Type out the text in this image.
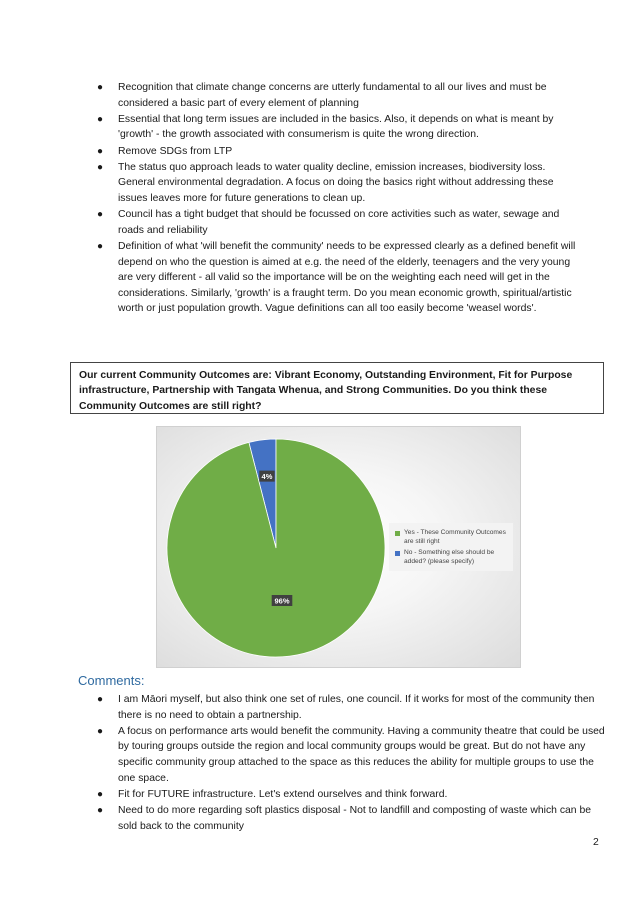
● Recognition that climate change concerns are utterly fundamental to all our lives and must be considered a basic part of every element of planning
● Essential that long term issues are included in the basics. Also, it depends on what is meant by 'growth' - the growth associated with consumerism is quite the wrong direction.
● Remove SDGs from LTP
● The status quo approach leads to water quality decline, emission increases, biodiversity loss. General environmental degradation. A focus on doing the basics right without addressing these issues leaves more for future generations to clean up.
● Council has a tight budget that should be focussed on core activities such as water, sewage and roads and reliability
● Definition of what 'will benefit the community' needs to be expressed clearly as a defined benefit will depend on who the question is aimed at e.g. the need of the elderly, teenagers and the very young are very different - all valid so the importance will be on the weighting each need will get in the considerations. Similarly, 'growth' is a fraught term. Do you mean economic growth, spiritual/artistic worth or just population growth. Vague definitions can all too easily become 'weasel words'.
Our current Community Outcomes are: Vibrant Economy, Outstanding Environment, Fit for Purpose infrastructure, Partnership with Tangata Whenua, and Strong Communities. Do you think these Community Outcomes are still right?
96%
4%
Yes - These Community Outcomes are still right
No - Something else should be added? (please specify)
Comments:
● I am Māori myself, but also think one set of rules, one council. If it works for most of the community then there is no need to obtain a partnership.
● A focus on performance arts would benefit the community. Having a community theatre that could be used by touring groups outside the region and local community groups would be great. But do not have any specific community group attached to the space as this reduces the ability for multiple groups to use the one space.
● Fit for FUTURE infrastructure. Let's extend ourselves and think forward.
● Need to do more regarding soft plastics disposal - Not to landfill and composting of waste which can be sold back to the community
2
